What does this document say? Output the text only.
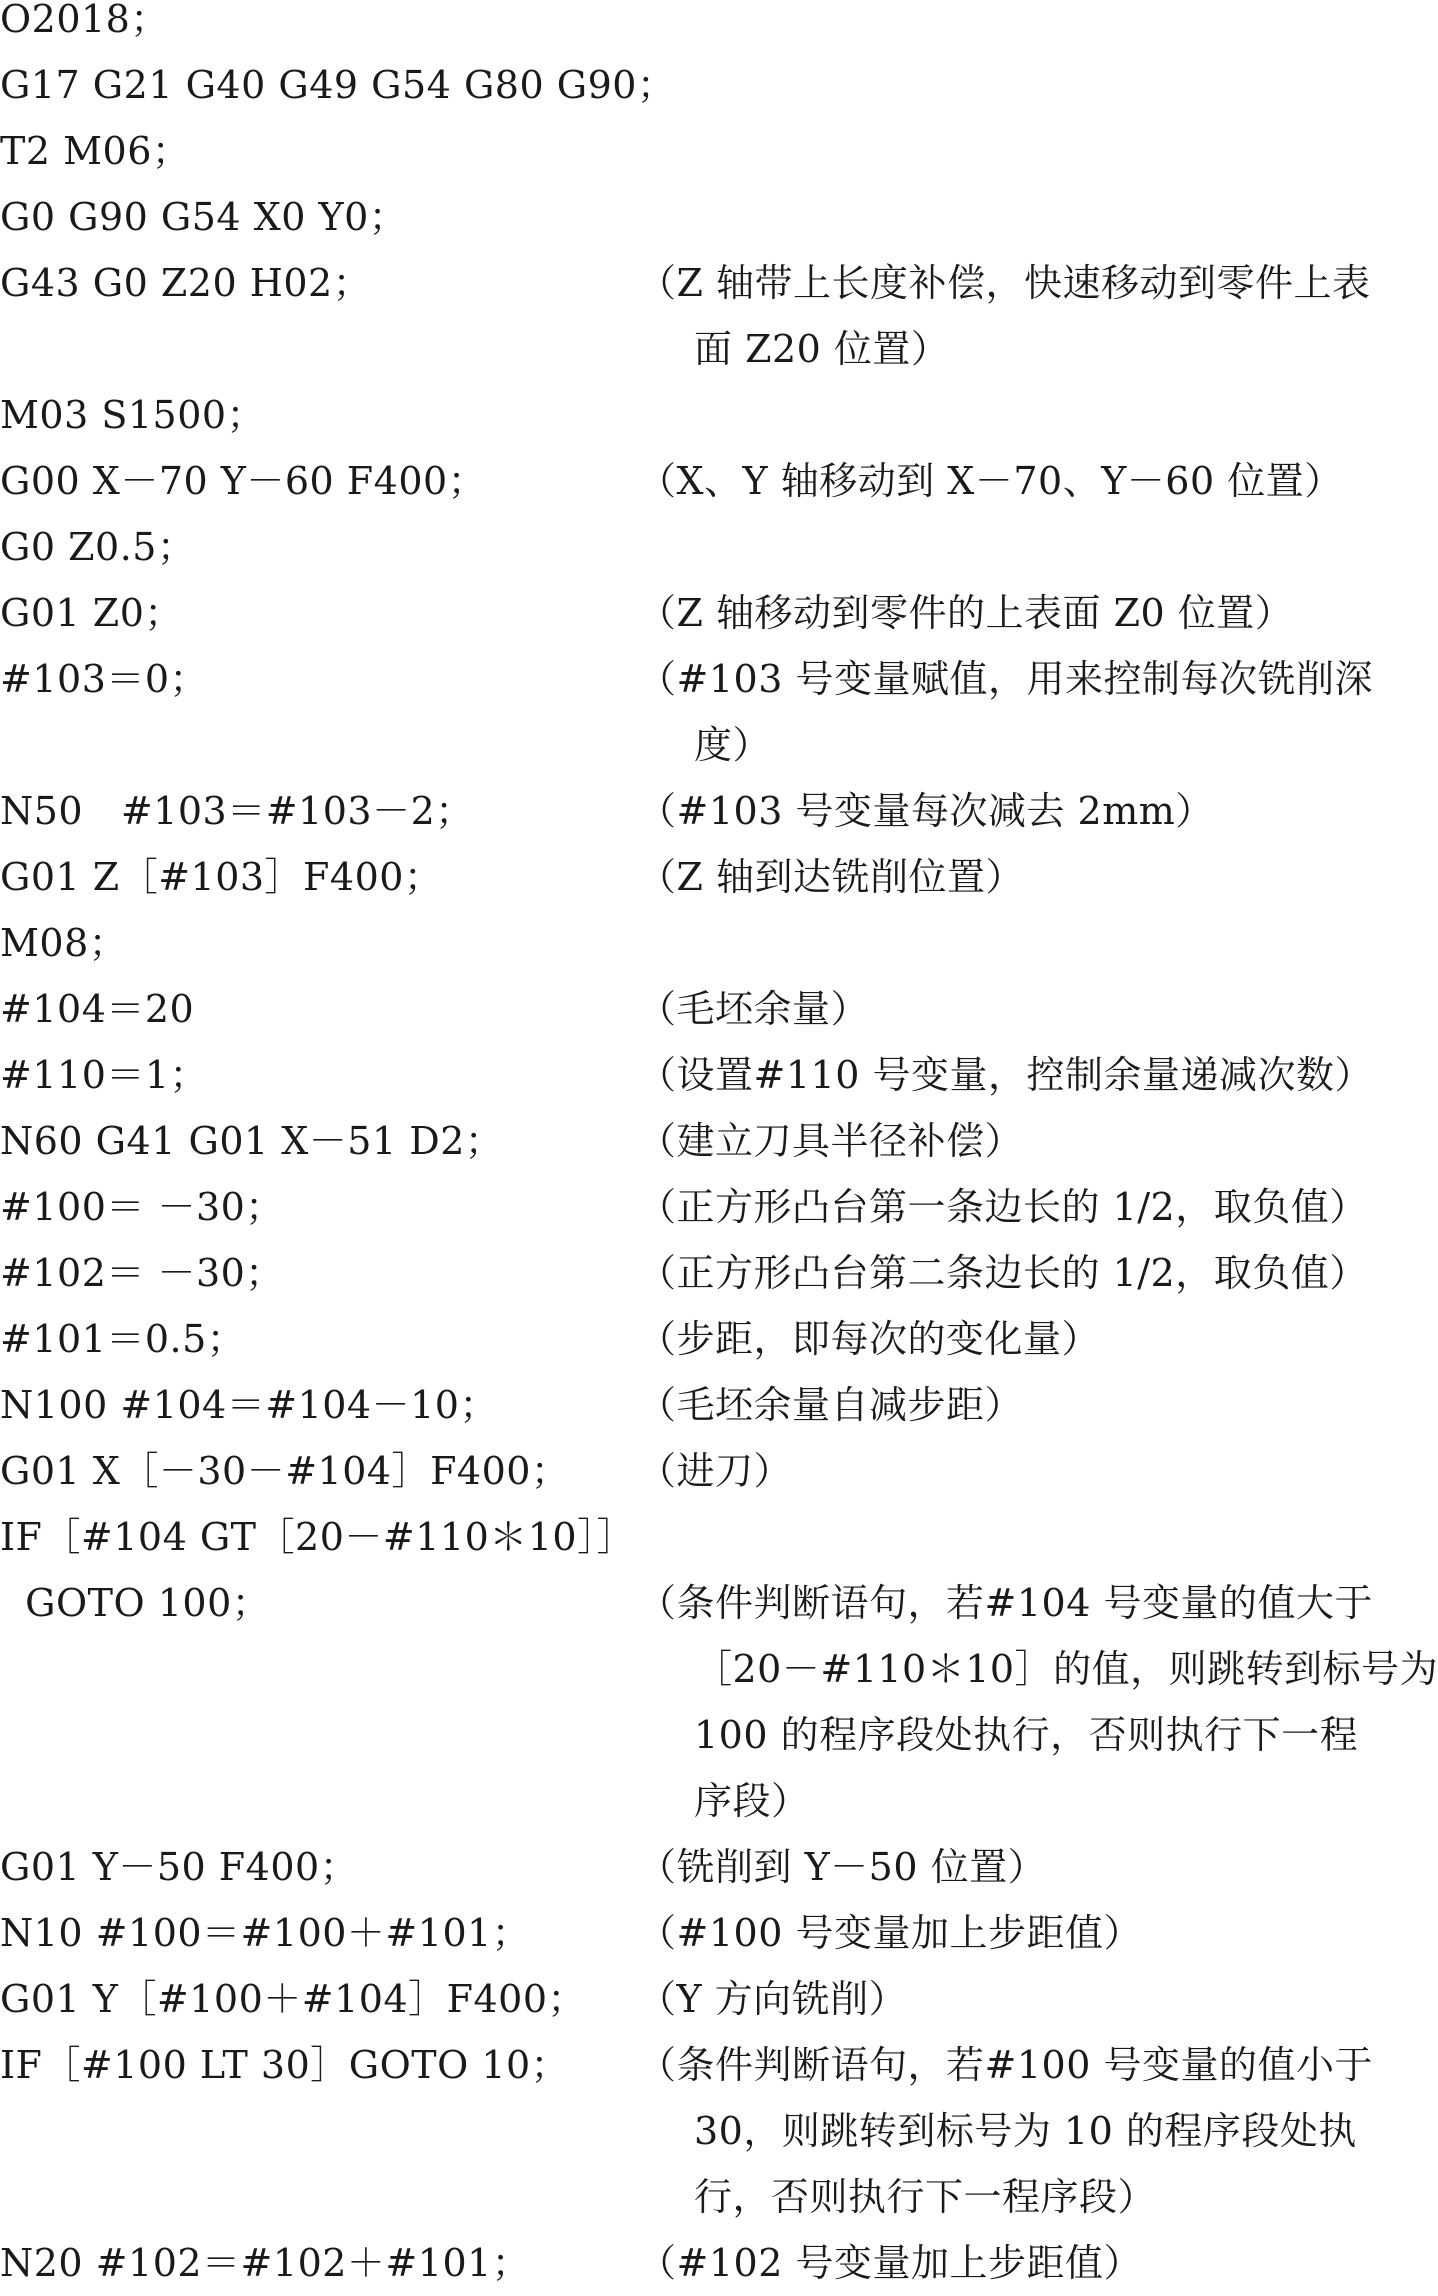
O2018；
G17 G21 G40 G49 G54 G80 G90；
T2 M06；
G0 G90 G54 X0 Y0；
G43 G0 Z20 H02；	（Z 轴带上长度补偿，快速移动到零件上表
面 Z20 位置）
M03 S1500；
G00 X－70 Y－60 F400；	（X、Y 轴移动到 X－70、Y－60 位置）
G0 Z0.5；
G01 Z0；	（Z 轴移动到零件的上表面 Z0 位置）
#103＝0；	（#103 号变量赋值，用来控制每次铣削深
度）
N50   #103＝#103－2；	（#103 号变量每次减去 2mm）
G01 Z［#103］F400；	（Z 轴到达铣削位置）
M08；
#104＝20	（毛坯余量）
#110＝1；	（设置#110 号变量，控制余量递减次数）
N60 G41 G01 X－51 D2；	（建立刀具半径补偿）
#100＝ －30；	（正方形凸台第一条边长的 1/2，取负值）
#102＝ －30；	（正方形凸台第二条边长的 1/2，取负值）
#101＝0.5；	（步距，即每次的变化量）
N100 #104＝#104－10；	（毛坯余量自减步距）
G01 X［－30－#104］F400； （进刀）
IF［#104 GT［20－#110＊10］］
GOTO 100；	（条件判断语句，若#104 号变量的值大于
［20－#110＊10］的值，则跳转到标号为
100 的程序段处执行，否则执行下一程
序段）
G01 Y－50 F400；	（铣削到 Y－50 位置）
N10 #100＝#100＋#101；	（#100 号变量加上步距值）
G01 Y［#100＋#104］F400； （Y 方向铣削）
IF［#100 LT 30］GOTO 10； （条件判断语句，若#100 号变量的值小于
30，则跳转到标号为 10 的程序段处执
行，否则执行下一程序段）
N20 #102＝#102＋#101；	（#102 号变量加上步距值）
